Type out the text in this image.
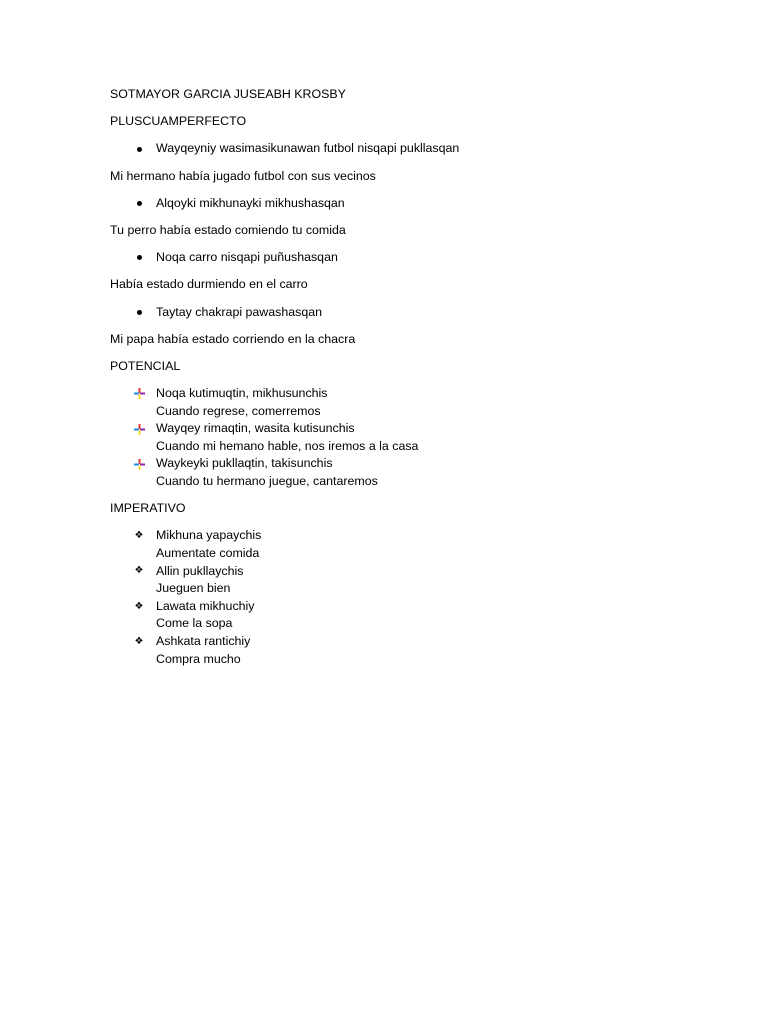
SOTMAYOR GARCIA JUSEABH KROSBY

PLUSCUAMPERFECTO

Wayqeyniy wasimasikunawan futbol nisqapi pukllasqan

Mi hermano había jugado futbol con sus vecinos

Alqoyki mikhunayki mikhushasqan

Tu perro había estado comiendo tu comida

Noqa carro nisqapi puñushasqan

Había estado durmiendo en el carro

Taytay chakrapi pawashasqan

Mi papa había estado corriendo en la chacra

POTENCIAL

Noqa kutimuqtin, mikhusunchis
Cuando regrese, comerremos
Wayqey rimaqtin, wasita kutisunchis
Cuando mi hemano hable, nos iremos a la casa
Waykeyki pukllaqtin, takisunchis
Cuando tu hermano juegue, cantaremos

IMPERATIVO

❖ Mikhuna yapaychis
Aumentate comida
❖ Allin pukllaychis
Jueguen bien
❖ Lawata mikhuchiy
Come la sopa
❖ Ashkata rantichiy
Compra mucho
